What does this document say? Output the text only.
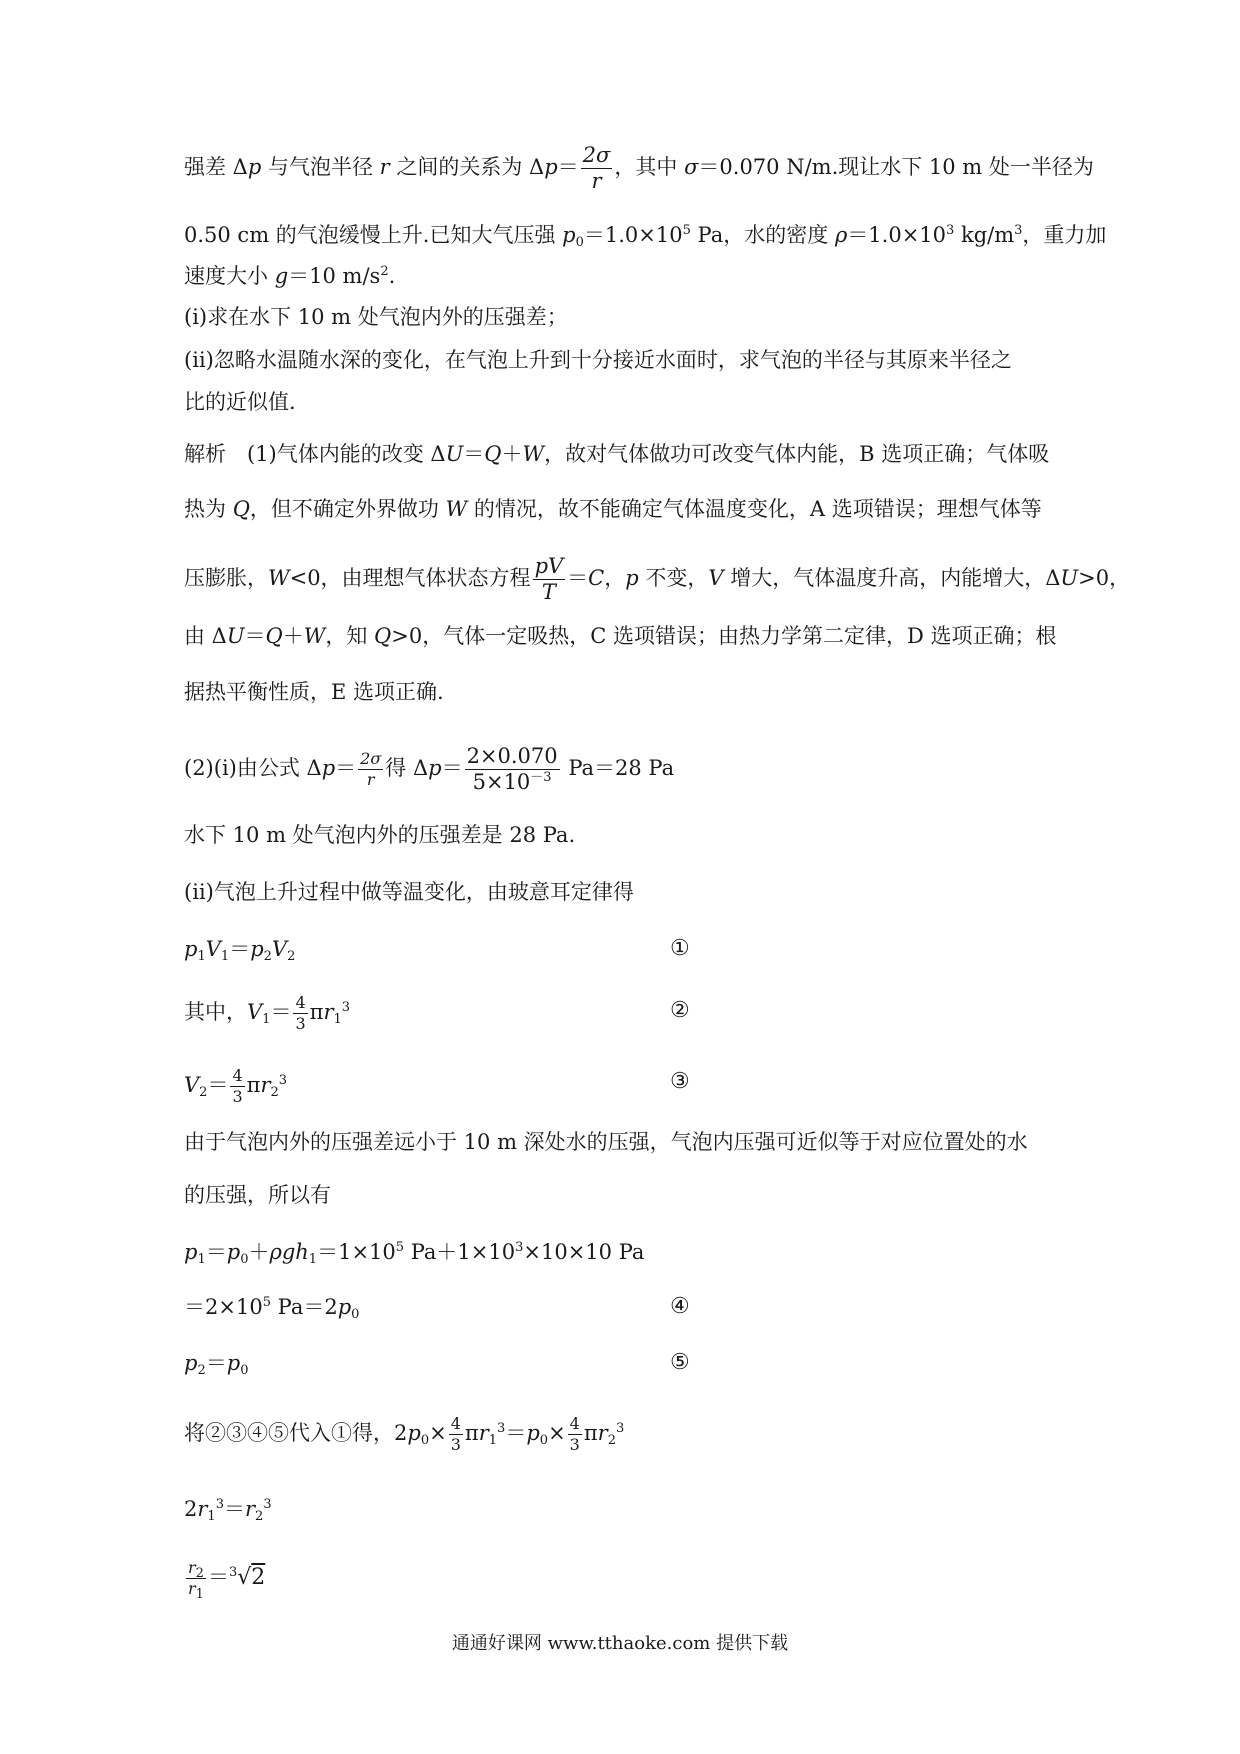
强差 Δp 与气泡半径 r 之间的关系为 $\Delta p= \frac{2\sigma}{r}$ ，其中 σ＝0.070 N/m.现让水下 10 m 处一半径为
0.50 cm 的气泡缓慢上升.已知大气压强 $p_0=1.0\times 10^5$ Pa，水的密度 $\rho=1.0\times 10^3$ $kg/m^3$，重力加
速度大小 g＝10 $m/s^2$.
(ⅰ)求在水下 10 m 处气泡内外的压强差；
(ⅱ)忽略水温随水深的变化，在气泡上升到十分接近水面时，求气泡的半径与其原来半径之
比的近似值.
解析　(1)气体内能的改变 ΔU＝Q＋W，故对气体做功可改变气体内能，B 选项正确；气体吸
热为 Q，但不确定外界做功 W 的情况，故不能确定气体温度变化，A 选项错误；理想气体等
压膨胀，W<0，由理想气体状态方程 $\frac{pV}{T} =C$，p 不变，V 增大，气体温度升高，内能增大，ΔU>0，
由 ΔU＝Q＋W，知 Q>0，气体一定吸热，C 选项错误；由热力学第二定律，D 选项正确；根
据热平衡性质，E 选项正确.
(2)(ⅰ)由公式 $\Delta p= \frac{2\sigma}{r}$ 得 $\Delta p= \frac{2\times 0.070}{5\times 10^{-3}} Pa=28$ Pa
水下 10 m 处气泡内外的压强差是 28 Pa.
(ⅱ)气泡上升过程中做等温变化，由玻意耳定律得
$p_1V_1=p_2V_2$	①
其中，$V_1= \frac{4}{3} \pi r_1^3$	②
$V_2= \frac{4}{3} \pi r_2^3$	③
由于气泡内外的压强差远小于 10 m 深处水的压强，气泡内压强可近似等于对应位置处的水
的压强，所以有
$p_1=p_0+\rho gh_1=1\times 10^5$ $Pa+1\times 10^3\times 10\times 10$ Pa
$=2\times 10^5$ $Pa=2p_0$	④
$p_2=p_0$	⑤
将②③④⑤代入①得，$2p_0\times \frac{4}{3} \pi r_1^3=p_0\times \frac{4}{3} \pi r_2^3$
$2r_1^3=r_2^3$
$\frac{r_2}{r_1} =^3√2$
通通好课网 www.tthaoke.com 提供下载
